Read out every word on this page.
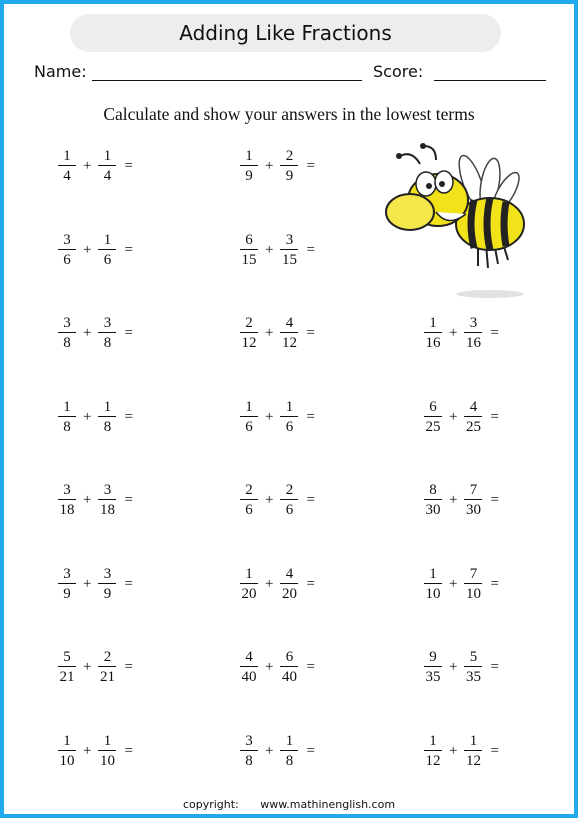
Adding Like Fractions
Name:	Score:
Calculate and show your answers in the lowest terms
$\frac{1}{4} + \frac{1}{4}$ =	$\frac{1}{9} + \frac{2}{9}$ =
$\frac{3}{6} + \frac{1}{6}$ =	$\frac{6}{15} + \frac{3}{15}$ =
$\frac{3}{8} + \frac{3}{8}$ =	$\frac{2}{12} + \frac{4}{12}$ =	$\frac{1}{16} + \frac{3}{16}$ =
$\frac{1}{8} + \frac{1}{8}$ =	$\frac{1}{6} + \frac{1}{6}$ =	$\frac{6}{25} + \frac{4}{25}$ =
$\frac{3}{18} + \frac{3}{18}$ =	$\frac{2}{6} + \frac{2}{6}$ =	$\frac{8}{30} + \frac{7}{30}$ =
$\frac{3}{9} + \frac{3}{9}$ =	$\frac{1}{20} + \frac{4}{20}$ =	$\frac{1}{10} + \frac{7}{10}$ =
$\frac{5}{21} + \frac{2}{21}$ =	$\frac{4}{40} + \frac{6}{40}$ =	$\frac{9}{35} + \frac{5}{35}$ =
$\frac{1}{10} + \frac{1}{10}$ =	$\frac{3}{8} + \frac{1}{8}$ =	$\frac{1}{12} + \frac{1}{12}$ =
copyright: www.mathinenglish.com
